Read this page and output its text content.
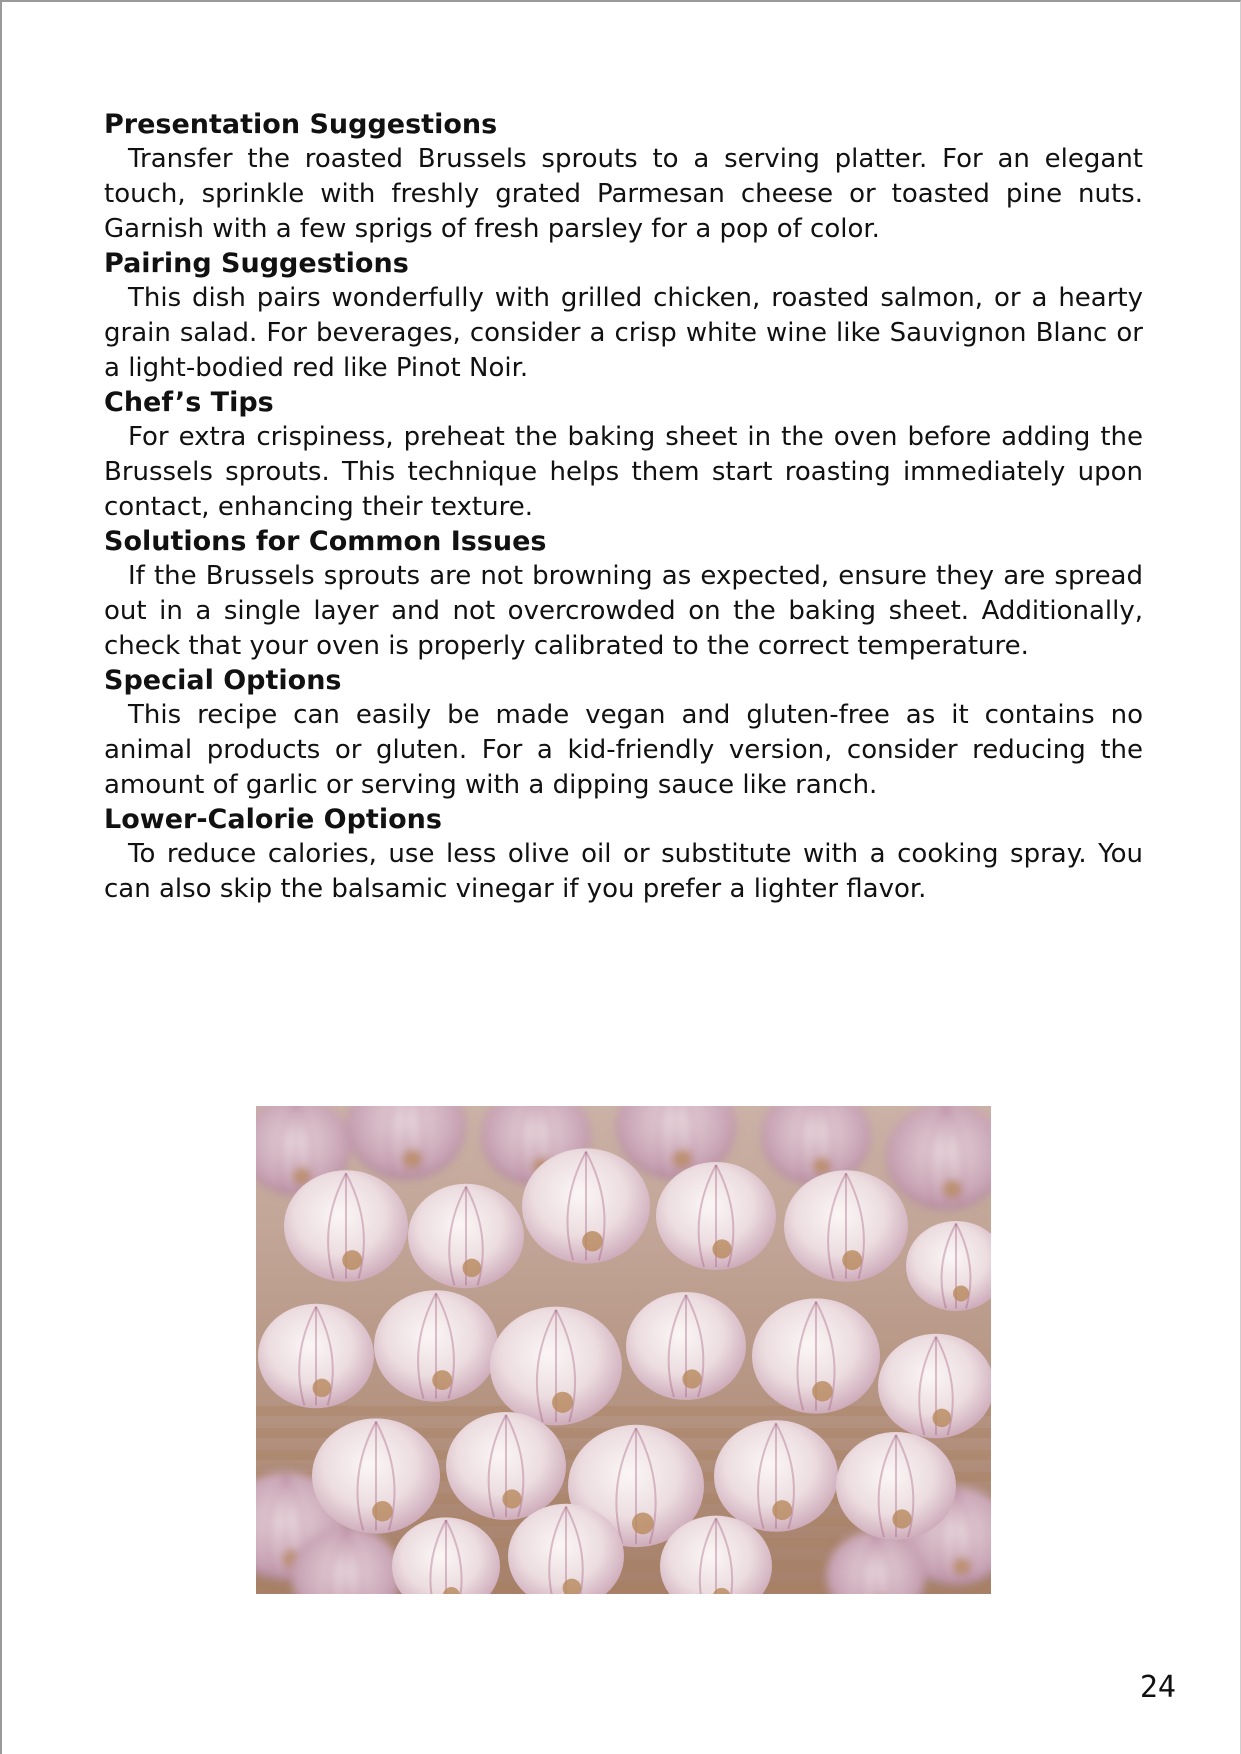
Presentation Suggestions

Transfer the roasted Brussels sprouts to a serving platter. For an elegant touch, sprinkle with freshly grated Parmesan cheese or toasted pine nuts. Garnish with a few sprigs of fresh parsley for a pop of color.

Pairing Suggestions

This dish pairs wonderfully with grilled chicken, roasted salmon, or a hearty grain salad. For beverages, consider a crisp white wine like Sauvignon Blanc or a light-bodied red like Pinot Noir.

Chef’s Tips

For extra crispiness, preheat the baking sheet in the oven before adding the Brussels sprouts. This technique helps them start roasting immediately upon contact, enhancing their texture.

Solutions for Common Issues

If the Brussels sprouts are not browning as expected, ensure they are spread out in a single layer and not overcrowded on the baking sheet. Additionally, check that your oven is properly calibrated to the correct temperature.

Special Options

This recipe can easily be made vegan and gluten-free as it contains no animal products or gluten. For a kid-friendly version, consider reducing the amount of garlic or serving with a dipping sauce like ranch.

Lower-Calorie Options

To reduce calories, use less olive oil or substitute with a cooking spray. You can also skip the balsamic vinegar if you prefer a lighter flavor.

24
